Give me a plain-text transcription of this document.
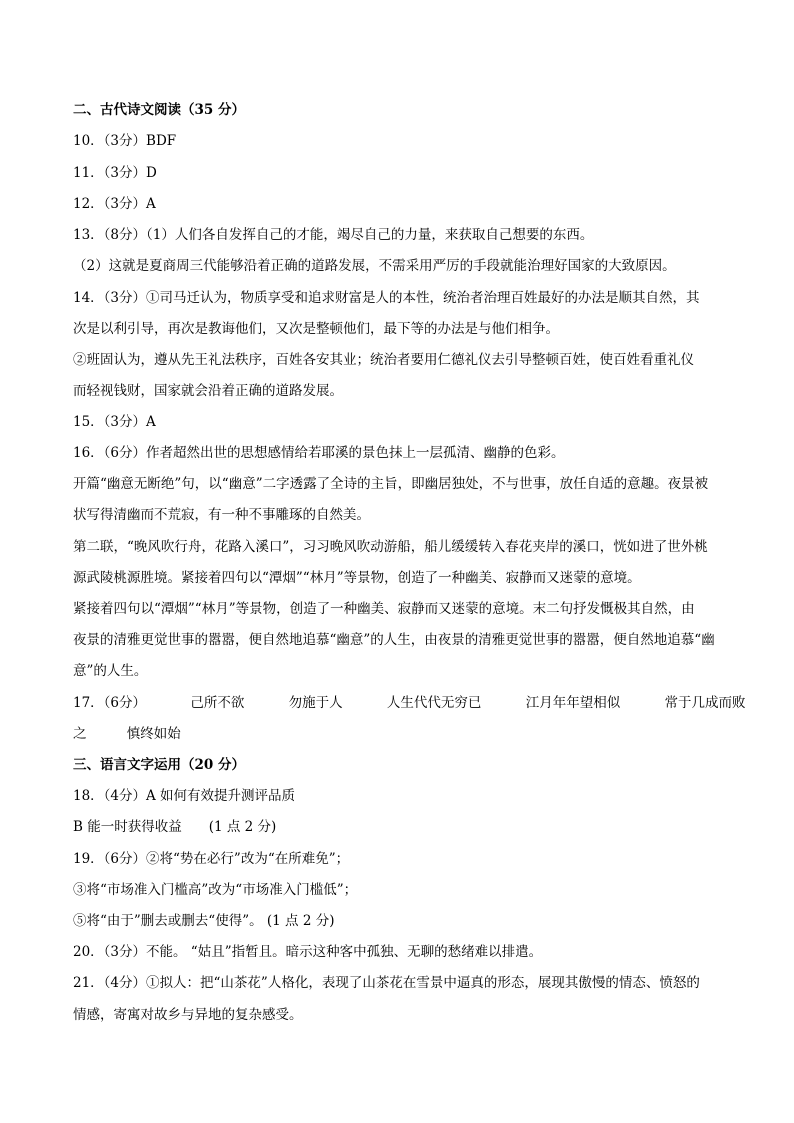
二、古代诗文阅读（35 分）
10．（3分）BDF
11．（3分）D
12．（3分）A
13．（8分）（1）人们各自发挥自己的才能，竭尽自己的力量，来获取自己想要的东西。
（2）这就是夏商周三代能够沿着正确的道路发展，不需采用严厉的手段就能治理好国家的大致原因。
14．（3分）①司马迁认为，物质享受和追求财富是人的本性，统治者治理百姓最好的办法是顺其自然，其
次是以利引导，再次是教诲他们，又次是整顿他们，最下等的办法是与他们相争。
②班固认为，遵从先王礼法秩序，百姓各安其业；统治者要用仁德礼仪去引导整顿百姓，使百姓看重礼仪
而轻视钱财，国家就会沿着正确的道路发展。
15．（3分）A
16．（6分）作者超然出世的思想感情给若耶溪的景色抹上一层孤清、幽静的色彩。
开篇“幽意无断绝”句，以“幽意”二字透露了全诗的主旨，即幽居独处，不与世事，放任自适的意趣。夜景被
状写得清幽而不荒寂，有一种不事雕琢的自然美。
第二联，“晚风吹行舟，花路入溪口”，习习晚风吹动游船，船儿缓缓转入春花夹岸的溪口，恍如进了世外桃
源武陵桃源胜境。紧接着四句以“潭烟”“林月”等景物，创造了一种幽美、寂静而又迷蒙的意境。
紧接着四句以“潭烟”“林月”等景物，创造了一种幽美、寂静而又迷蒙的意境。末二句抒发慨极其自然，由
夜景的清雅更觉世事的嚣嚣，便自然地追慕“幽意”的人生，由夜景的清雅更觉世事的嚣嚣，便自然地追慕“幽
意”的人生。
17．（6分）	己所不欲	勿施于人	人生代代无穷已	江月年年望相似	常于几成而败
之	慎终如始
三、语言文字运用（20 分）
18．（4分）A 如何有效提升测评品质
B 能一时获得收益　　(1 点 2 分)
19．（6分）②将“势在必行”改为“在所难免”；
③将“市场准入门槛高”改为“市场准入门槛低”；
⑤将“由于”删去或删去“使得”。 (1 点 2 分)
20．（3分）不能。 “姑且”指暂且。暗示这种客中孤独、无聊的愁绪难以排遣。
21．（4分）①拟人：把“山茶花”人格化，表现了山茶花在雪景中逼真的形态，展现其傲慢的情态、愤怒的
情感，寄寓对故乡与异地的复杂感受。
